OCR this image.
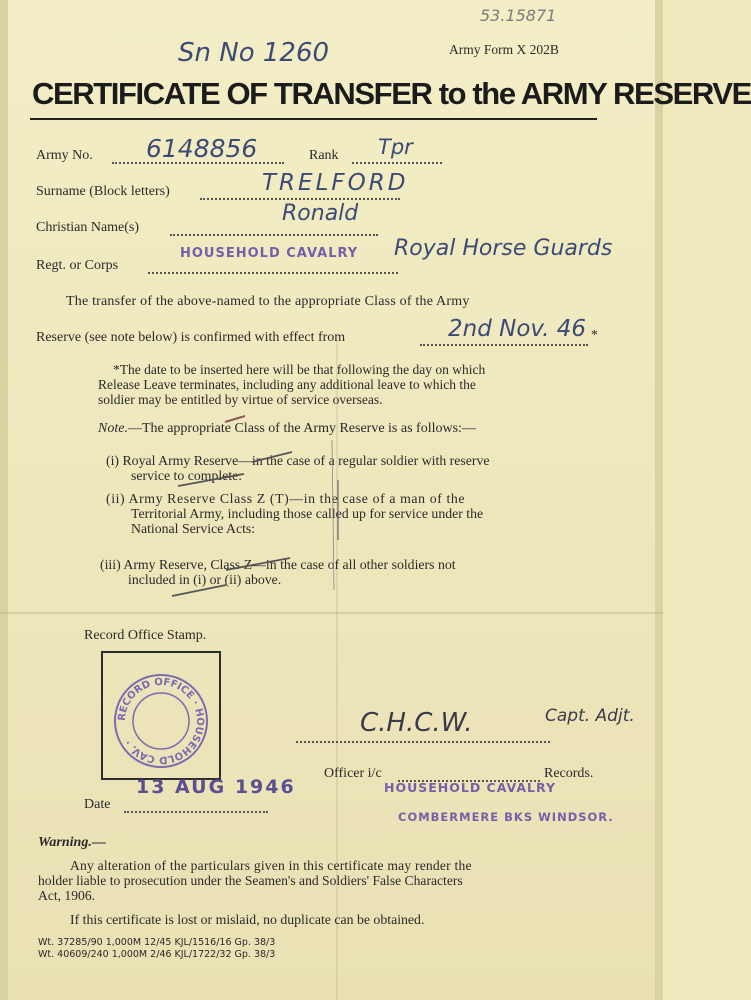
53.15871
Sn No 1260	Army Form X 202B
CERTIFICATE OF TRANSFER to the ARMY RESERVE
Army No. 6148856	Rank Tpr
Surname (Block letters)	TRELFORD
Christian Name(s)
Ronald
Regt. or Corps
HOUSEHOLD CAVALRY Royal Horse Guards
The transfer of the above-named to the appropriate Class of the Army
Reserve (see note below) is confirmed with effect from	2nd Nov. 46 *
*The date to be inserted here will be that following the day on which
Release Leave terminates, including any additional leave to which the
soldier may be entitled by virtue of service overseas.
Note.—The appropriate Class of the Army Reserve is as follows:—
(i) Royal Army Reserve—in the case of a regular soldier with reserve
service to complete:
(ii) Army Reserve Class Z (T)—in the case of a man of the
Territorial Army, including those called up for service under the
National Service Acts:
(iii) Army Reserve, Class Z—in the case of all other soldiers not
included in (i) or (ii) above.
Record Office Stamp.
RECORD OFFICE · HOUSEHOLD CAV. ·
13 AUG 1946
Date
C.H.C.W.	Capt. Adjt.
Officer i/c	Records.
HOUSEHOLD CAVALRY
COMBERMERE BKS WINDSOR.
Warning.—
Any alteration of the particulars given in this certificate may render the
holder liable to prosecution under the Seamen's and Soldiers' False Characters
Act, 1906.
If this certificate is lost or mislaid, no duplicate can be obtained.
Wt. 37285/90 1,000M 12/45 KJL/1516/16 Gp. 38/3
Wt. 40609/240 1,000M 2/46 KJL/1722/32 Gp. 38/3
